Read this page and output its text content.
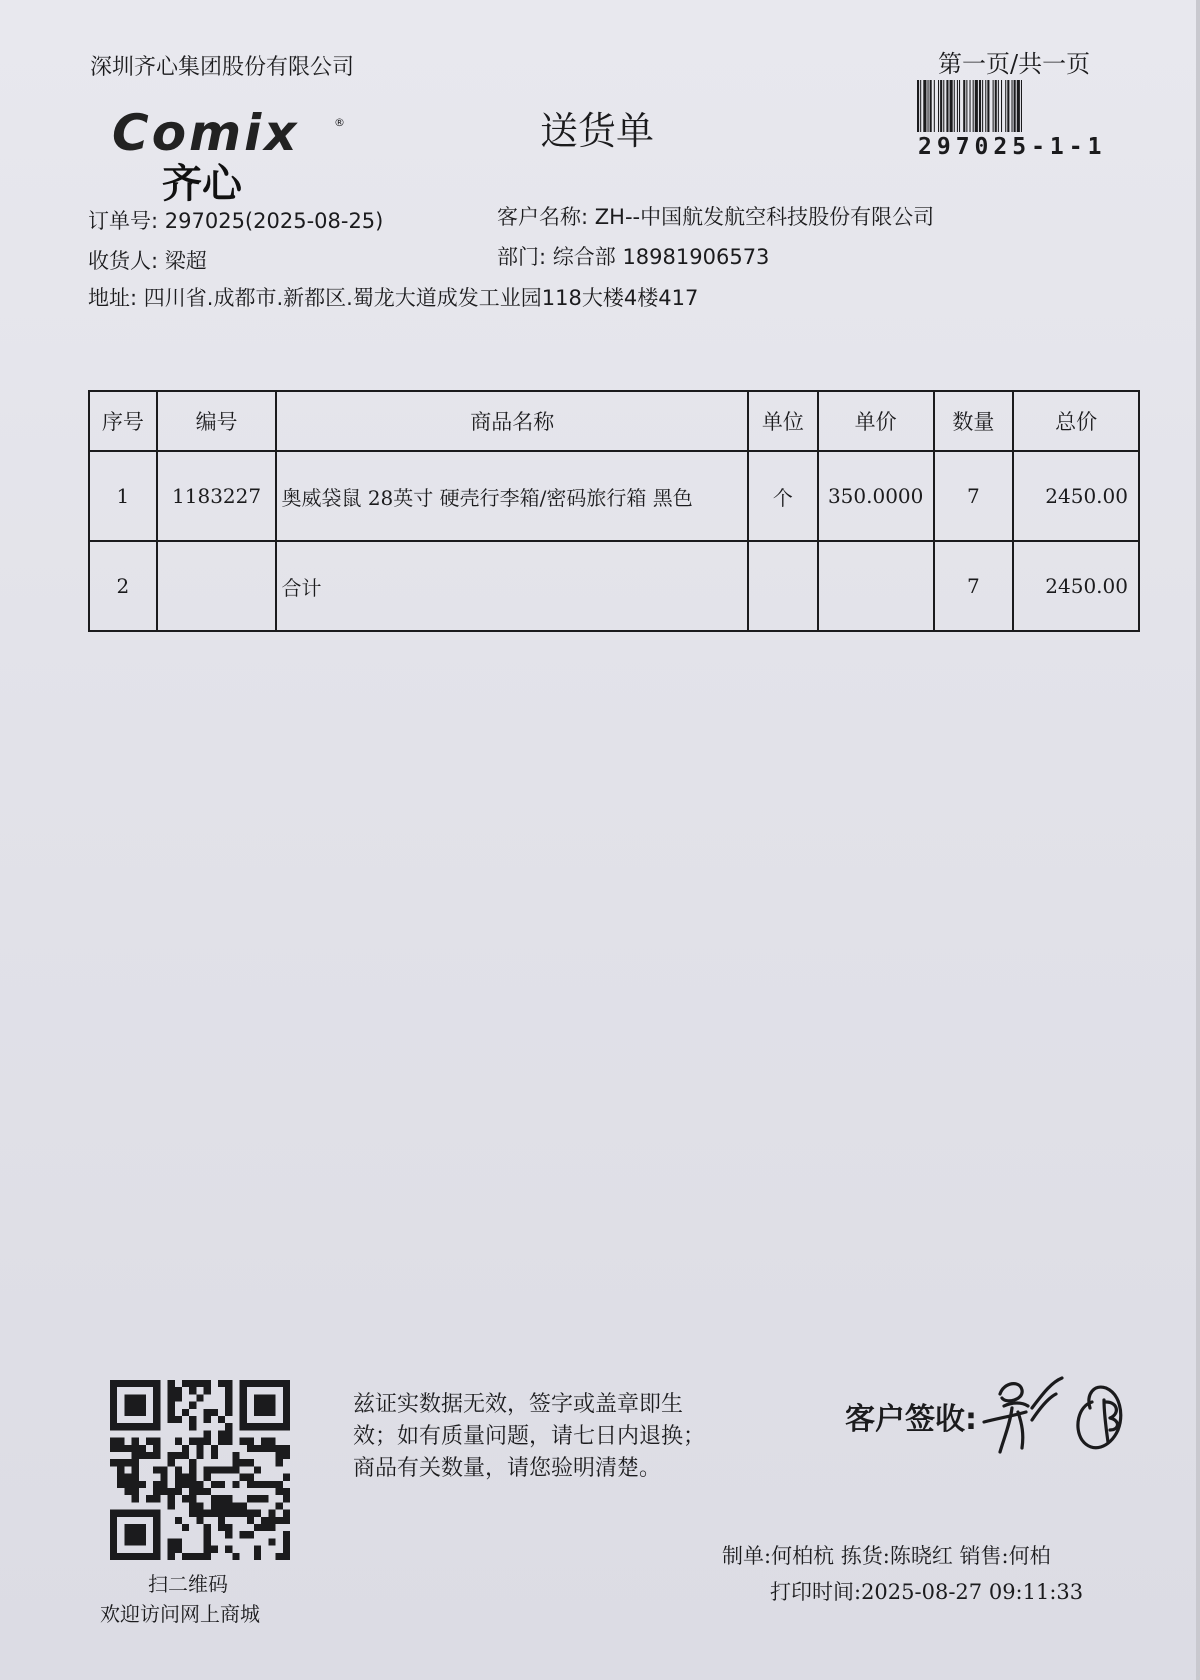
深圳齐心集团股份有限公司	第一页/共一页
297025-1-1
Comix	®
齐心
送货单
订单号: 297025(2025-08-25)	客户名称: ZH--中国航发航空科技股份有限公司
收货人: 梁超	部门: 综合部 18981906573
地址: 四川省.成都市.新都区.蜀龙大道成发工业园118大楼4楼417
序号	编号	商品名称	单位	单价	数量	总价
1	1183227	奥威袋鼠 28英寸 硬壳行李箱/密码旅行箱 黑色	个	350.0000	7	2450.00
2		合计			7	2450.00
扫二维码
欢迎访问网上商城
兹证实数据无效，签字或盖章即生
效；如有质量问题，请七日内退换；
商品有关数量，请您验明清楚。
客户签收:
制单:何柏杭 拣货:陈晓红 销售:何柏
打印时间:2025-08-27 09:11:33
